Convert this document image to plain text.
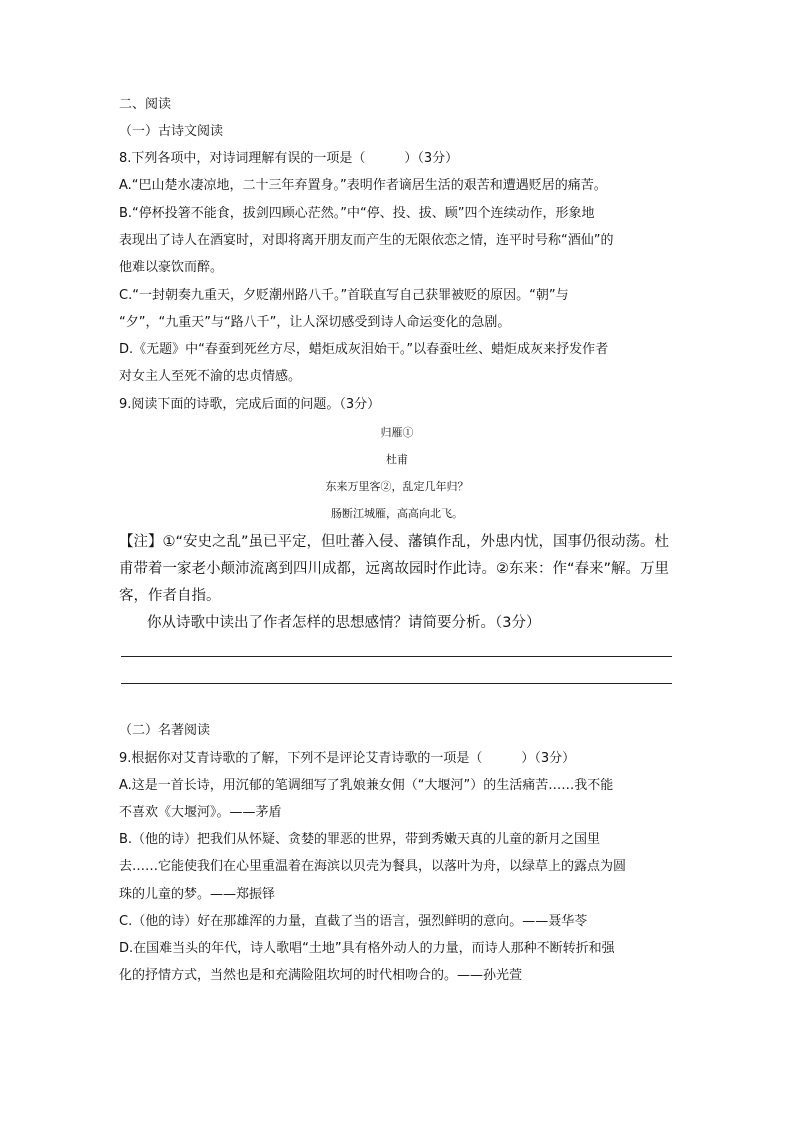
二、阅读
（一）古诗文阅读
8.下列各项中，对诗词理解有误的一项是（　　　）（3分）
A.“巴山楚水凄凉地，二十三年弃置身。”表明作者谪居生活的艰苦和遭遇贬居的痛苦。
B.“停杯投箸不能食，拔剑四顾心茫然。”中“停、投、拔、顾”四个连续动作，形象地
表现出了诗人在酒宴时，对即将离开朋友而产生的无限依恋之情，连平时号称“酒仙”的
他难以豪饮而醉。
C.“一封朝奏九重天，夕贬潮州路八千。”首联直写自己获罪被贬的原因。“朝”与
“夕”，“九重天”与“路八千”，让人深切感受到诗人命运变化的急剧。
D.《无题》中“春蚕到死丝方尽，蜡炬成灰泪始干。”以春蚕吐丝、蜡炬成灰来抒发作者
对女主人至死不渝的忠贞情感。
9.阅读下面的诗歌，完成后面的问题。（3分）
归雁①
杜甫
东来万里客②，乱定几年归？
肠断江城雁，高高向北飞。
【注】①“安史之乱”虽已平定，但吐蕃入侵、藩镇作乱，外患内忧，国事仍很动荡。杜
甫带着一家老小颠沛流离到四川成都，远离故园时作此诗。②东来：作“春来”解。万里
客，作者自指。
你从诗歌中读出了作者怎样的思想感情？请简要分析。（3分）
（二）名著阅读
9.根据你对艾青诗歌的了解，下列不是评论艾青诗歌的一项是（　　　）（3分）
A.这是一首长诗，用沉郁的笔调细写了乳娘兼女佣（“大堰河”）的生活痛苦……我不能
不喜欢《大堰河》。——茅盾
B.（他的诗）把我们从怀疑、贪婪的罪恶的世界，带到秀嫩天真的儿童的新月之国里
去……它能使我们在心里重温着在海滨以贝壳为餐具，以落叶为舟，以绿草上的露点为圆
珠的儿童的梦。——郑振铎
C.（他的诗）好在那雄浑的力量，直截了当的语言，强烈鲜明的意向。——聂华苓
D.在国难当头的年代，诗人歌唱“土地”具有格外动人的力量，而诗人那种不断转折和强
化的抒情方式，当然也是和充满险阻坎坷的时代相吻合的。——孙光萱
